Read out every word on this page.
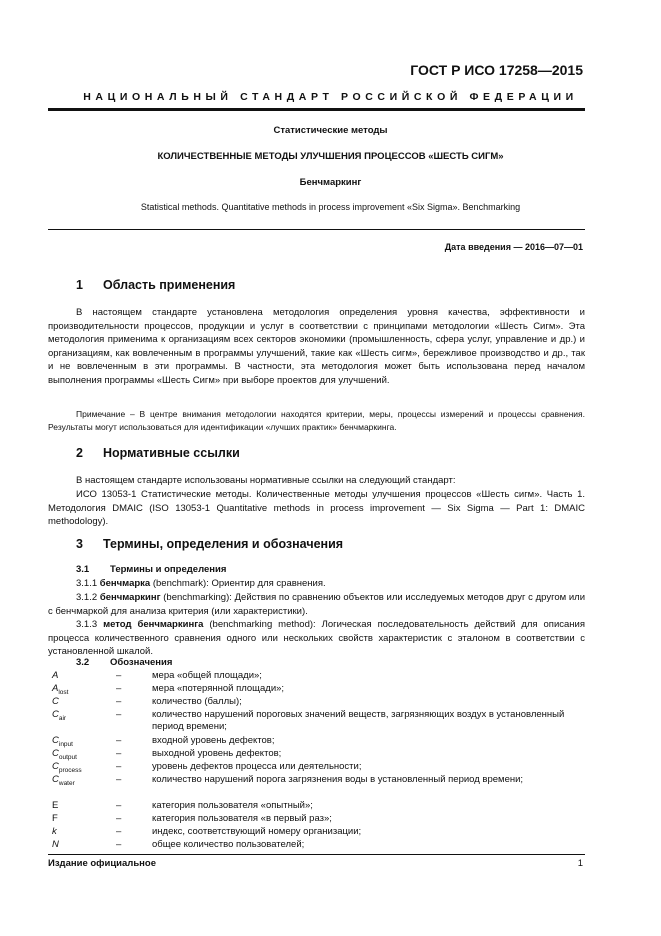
ГОСТ Р ИСО 17258—2015
НАЦИОНАЛЬНЫЙ СТАНДАРТ РОССИЙСКОЙ ФЕДЕРАЦИИ
Статистические методы
КОЛИЧЕСТВЕННЫЕ МЕТОДЫ УЛУЧШЕНИЯ ПРОЦЕССОВ «ШЕСТЬ СИГМ»
Бенчмаркинг
Statistical methods. Quantitative methods in process improvement «Six Sigma». Benchmarking
Дата введения — 2016—07—01
1 Область применения

В настоящем стандарте установлена методология определения уровня качества, эффективности и производительности процессов, продукции и услуг в соответствии с принципами методологии «Шесть Сигм». Эта методология применима к организациям всех секторов экономики (промышленность, сфера услуг, управление и др.) и организациям, как вовлеченным в программы улучшений, такие как «Шесть сигм», бережливое производство и др., так и не вовлеченным в эти программы. В частности, эта методология может быть использована перед началом выполнения программы «Шесть Сигм» при выборе проектов для улучшений.

Примечание – В центре внимания методологии находятся критерии, меры, процессы измерений и процессы сравнения. Результаты могут использоваться для идентификации «лучших практик» бенчмаркинга.

2 Нормативные ссылки

В настоящем стандарте использованы нормативные ссылки на следующий стандарт:

ИСО 13053-1 Статистические методы. Количественные методы улучшения процессов «Шесть сигм». Часть 1. Методология DMAIC (ISO 13053-1 Quantitative methods in process improvement — Six Sigma — Part 1: DMAIC methodology).

3 Термины, определения и обозначения
3.1 Термины и определения

3.1.1 бенчмарка (benchmark): Ориентир для сравнения.

3.1.2 бенчмаркинг (benchmarking): Действия по сравнению объектов или исследуемых методов друг с другом или с бенчмаркой для анализа критерия (или характеристики).

3.1.3 метод бенчмаркинга (benchmarking method): Логическая последовательность действий для описания процесса количественного сравнения одного или нескольких свойств характеристик с эталоном в соответствии с установленной шкалой.

3.2 Обозначения
A	–	мера «общей площади»;
$A_{lost}$	–	мера «потерянной площади»;
C	–	количество (баллы);
$C_{air}$	–	количество нарушений пороговых значений веществ, загрязняющих воздух в установленный период времени;
$C_{input}$	–	входной уровень дефектов;
$C_{output}$	–	выходной уровень дефектов;
$C_{process}$	–	уровень дефектов процесса или деятельности;
$C_{water}$	–	количество нарушений порога загрязнения воды в установленный период времени;
E	–	категория пользователя «опытный»;
F	–	категория пользователя «в первый раз»;
k	–	индекс, соответствующий номеру организации;
N	–	общее количество пользователей;
Издание официальное	1
